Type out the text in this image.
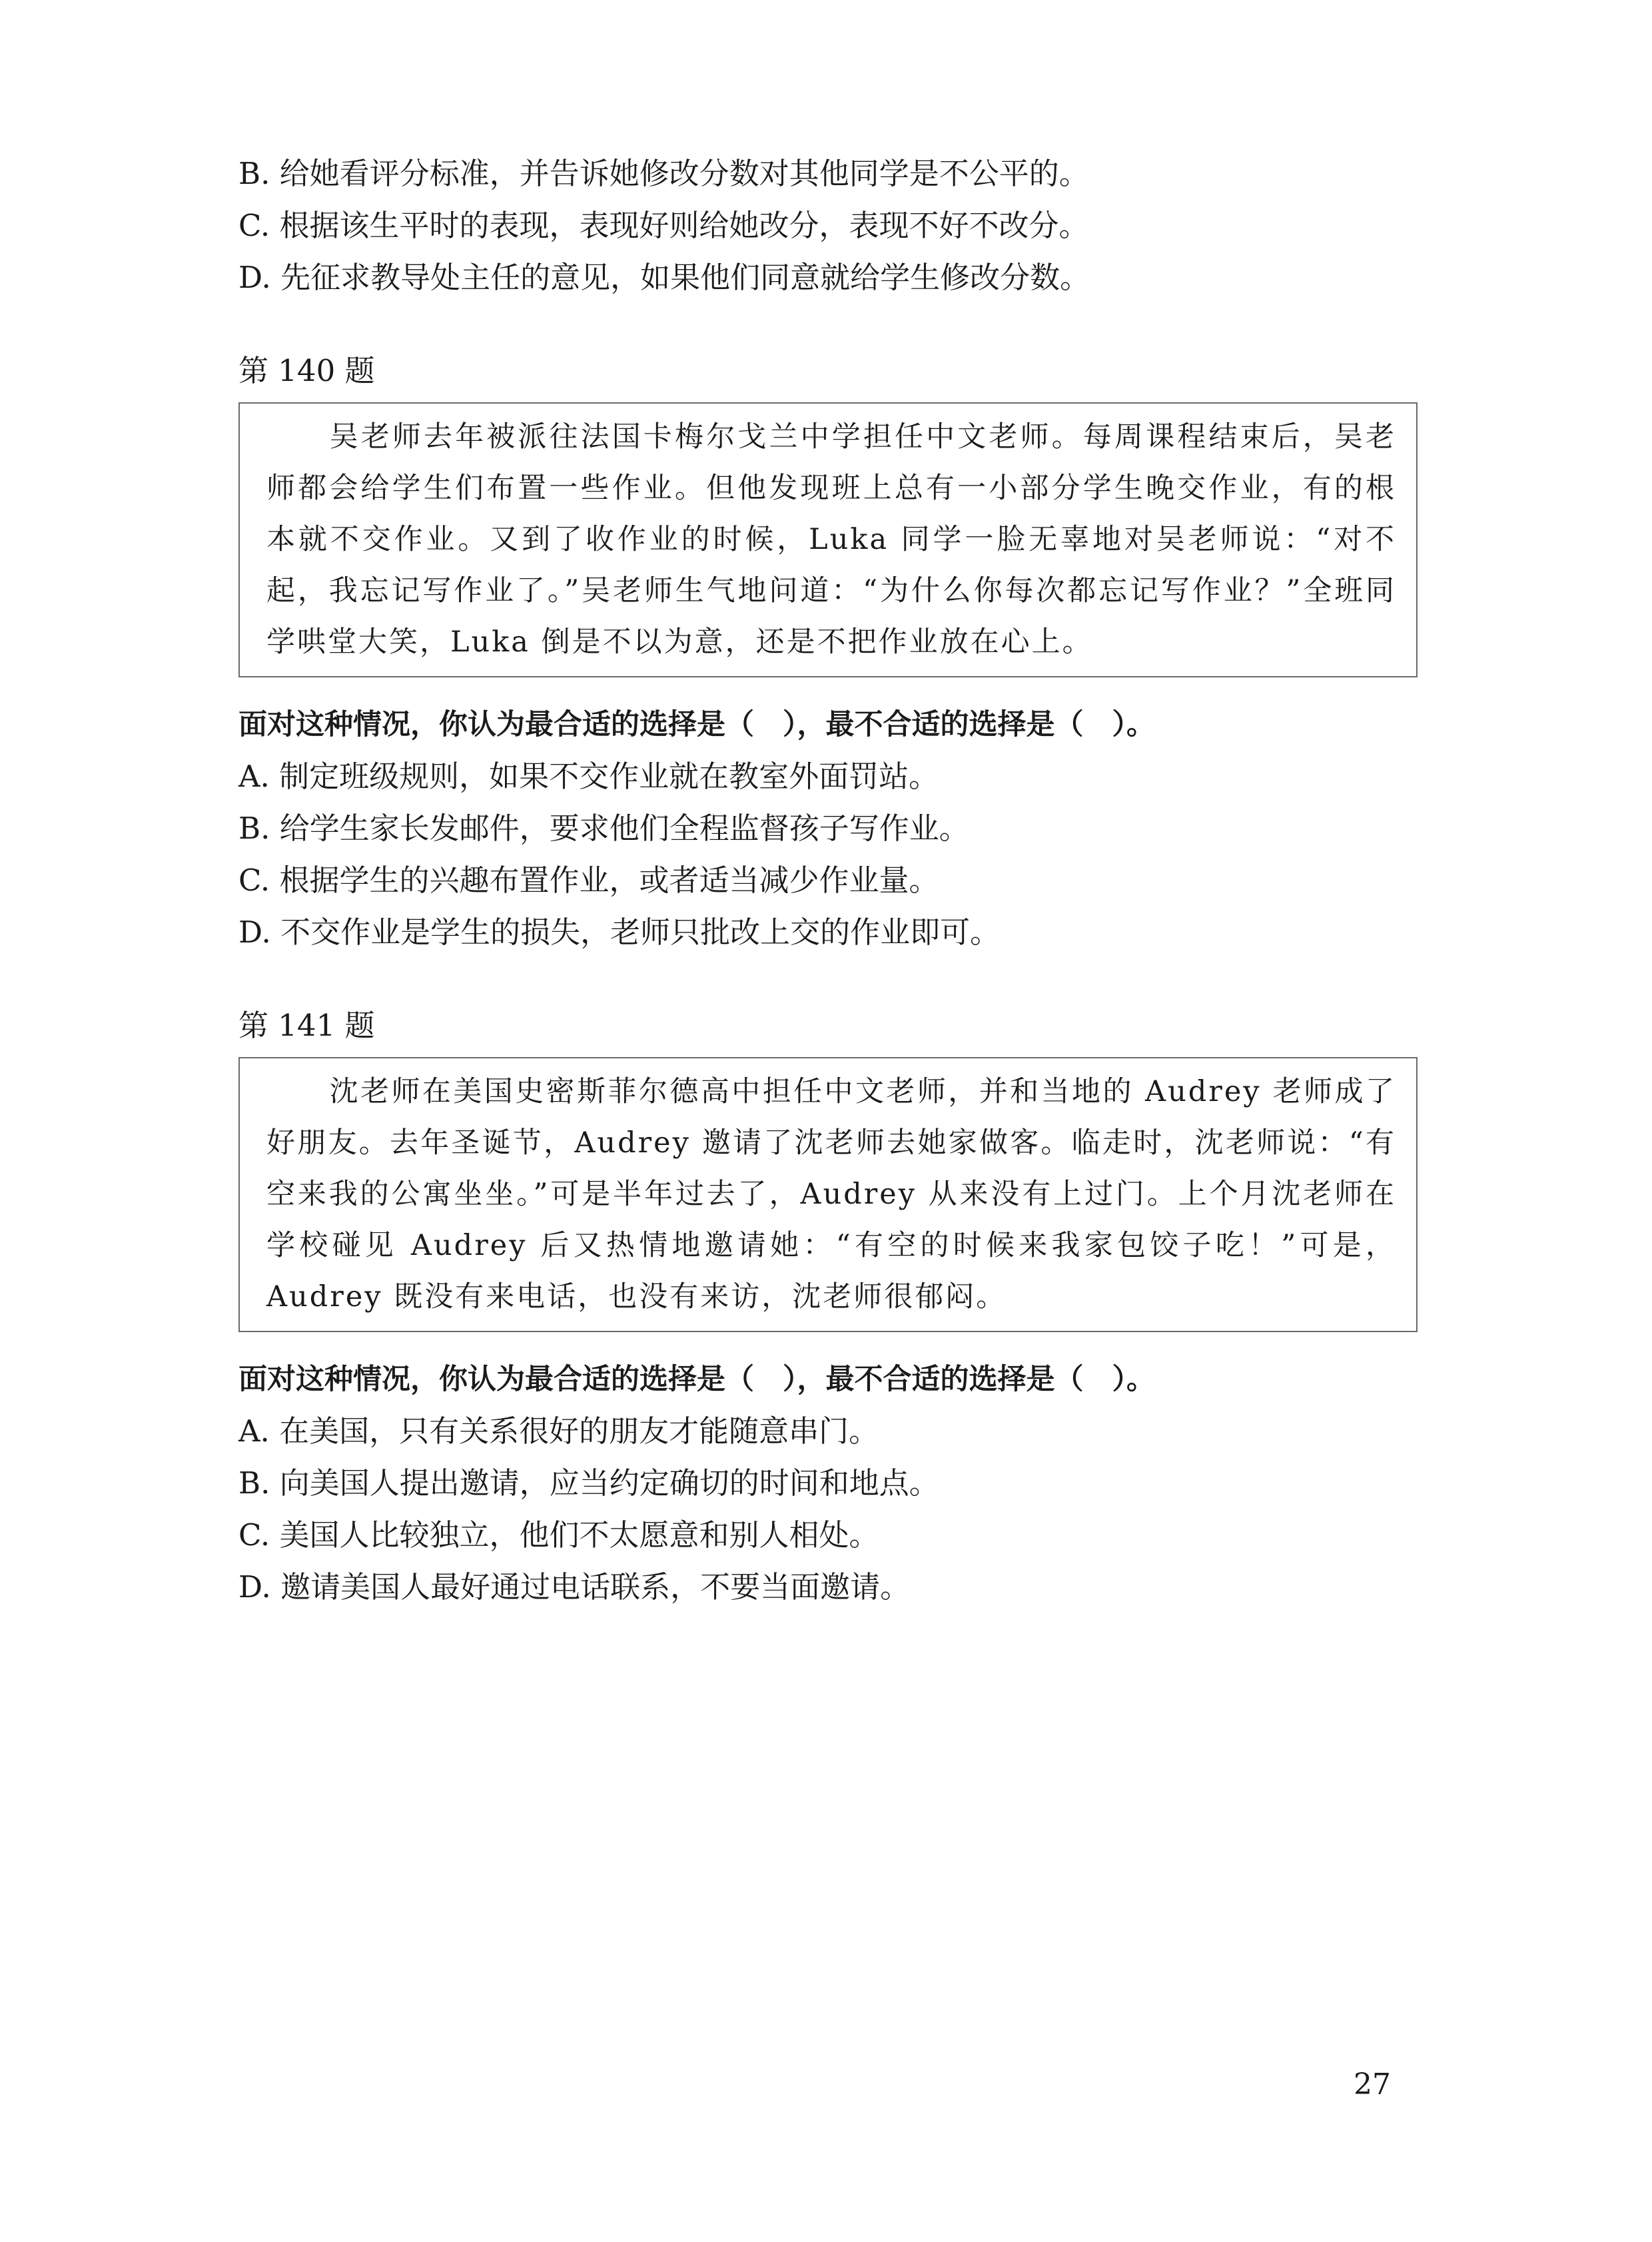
B. 给她看评分标准，并告诉她修改分数对其他同学是不公平的。
C. 根据该生平时的表现，表现好则给她改分，表现不好不改分。
D. 先征求教导处主任的意见，如果他们同意就给学生修改分数。
第 140 题

吴老师去年被派往法国卡梅尔戈兰中学担任中文老师。每周课程结束后，吴老师都会给学生们布置一些作业。但他发现班上总有一小部分学生晚交作业，有的根本就不交作业。又到了收作业的时候，Luka 同学一脸无辜地对吴老师说：“对不起，我忘记写作业了。”吴老师生气地问道：“为什么你每次都忘记写作业？”全班同学哄堂大笑，Luka 倒是不以为意，还是不把作业放在心上。

面对这种情况，你认为最合适的选择是（　），最不合适的选择是（　）。
A. 制定班级规则，如果不交作业就在教室外面罚站。
B. 给学生家长发邮件，要求他们全程监督孩子写作业。
C. 根据学生的兴趣布置作业，或者适当减少作业量。
D. 不交作业是学生的损失，老师只批改上交的作业即可。
第 141 题

沈老师在美国史密斯菲尔德高中担任中文老师，并和当地的 Audrey 老师成了好朋友。去年圣诞节，Audrey 邀请了沈老师去她家做客。临走时，沈老师说：“有空来我的公寓坐坐。”可是半年过去了，Audrey 从来没有上过门。上个月沈老师在学校碰见 Audrey 后又热情地邀请她：“有空的时候来我家包饺子吃！”可是，Audrey 既没有来电话，也没有来访，沈老师很郁闷。

面对这种情况，你认为最合适的选择是（　），最不合适的选择是（　）。
A. 在美国，只有关系很好的朋友才能随意串门。
B. 向美国人提出邀请，应当约定确切的时间和地点。
C. 美国人比较独立，他们不太愿意和别人相处。
D. 邀请美国人最好通过电话联系，不要当面邀请。
27
